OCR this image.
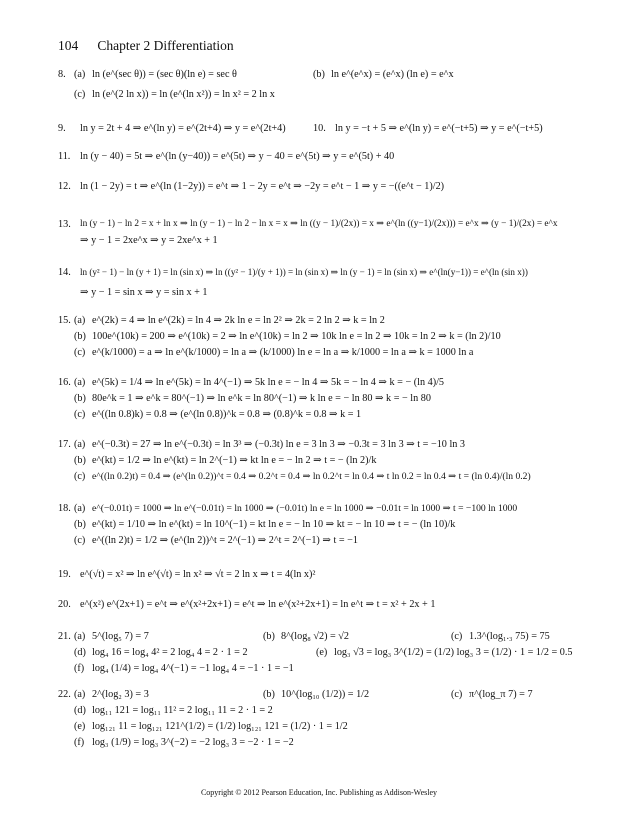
104 Chapter 2 Differentiation
8. (a) ln (e^(sec θ)) = (sec θ)(ln e) = sec θ	(b) ln e^(e^x) = (e^x) (ln e) = e^x
(c) ln (e^(2 ln x)) = ln (e^(ln x²)) = ln x² = 2 ln x
9. ln y = 2t + 4 ⇒ e^(ln y) = e^(2t+4) ⇒ y = e^(2t+4)	10. ln y = −t + 5 ⇒ e^(ln y) = e^(−t+5) ⇒ y = e^(−t+5)
11. ln (y − 40) = 5t ⇒ e^(ln (y−40)) = e^(5t) ⇒ y − 40 = e^(5t) ⇒ y = e^(5t) + 40
12. ln (1 − 2y) = t ⇒ e^(ln (1−2y)) = e^t ⇒ 1 − 2y = e^t ⇒ −2y = e^t − 1 ⇒ y = −((e^t − 1)/2)
13. ln (y − 1) − ln 2 = x + ln x ⇒ ln (y − 1) − ln 2 − ln x = x ⇒ ln ((y − 1)/(2x)) = x ⇒ e^(ln ((y−1)/(2x))) = e^x ⇒ (y − 1)/(2x) = e^x
⇒ y − 1 = 2xe^x ⇒ y = 2xe^x + 1
14. ln (y² − 1) − ln (y + 1) = ln (sin x) ⇒ ln ((y² − 1)/(y + 1)) = ln (sin x) ⇒ ln (y − 1) = ln (sin x) ⇒ e^(ln(y−1)) = e^(ln (sin x))
⇒ y − 1 = sin x ⇒ y = sin x + 1
15. (a) e^(2k) = 4 ⇒ ln e^(2k) = ln 4 ⇒ 2k ln e = ln 2² ⇒ 2k = 2 ln 2 ⇒ k = ln 2
(b) 100e^(10k) = 200 ⇒ e^(10k) = 2 ⇒ ln e^(10k) = ln 2 ⇒ 10k ln e = ln 2 ⇒ 10k = ln 2 ⇒ k = (ln 2)/10
(c) e^(k/1000) = a ⇒ ln e^(k/1000) = ln a ⇒ (k/1000) ln e = ln a ⇒ k/1000 = ln a ⇒ k = 1000 ln a
16. (a) e^(5k) = 1/4 ⇒ ln e^(5k) = ln 4^(−1) ⇒ 5k ln e = − ln 4 ⇒ 5k = − ln 4 ⇒ k = − (ln 4)/5
(b) 80e^k = 1 ⇒ e^k = 80^(−1) ⇒ ln e^k = ln 80^(−1) ⇒ k ln e = − ln 80 ⇒ k = − ln 80
(c) e^((ln 0.8)k) = 0.8 ⇒ (e^(ln 0.8))^k = 0.8 ⇒ (0.8)^k = 0.8 ⇒ k = 1
17. (a) e^(−0.3t) = 27 ⇒ ln e^(−0.3t) = ln 3³ ⇒ (−0.3t) ln e = 3 ln 3 ⇒ −0.3t = 3 ln 3 ⇒ t = −10 ln 3
(b) e^(kt) = 1/2 ⇒ ln e^(kt) = ln 2^(−1) ⇒ kt ln e = − ln 2 ⇒ t = − (ln 2)/k
(c) e^((ln 0.2)t) = 0.4 ⇒ (e^(ln 0.2))^t = 0.4 ⇒ 0.2^t = 0.4 ⇒ ln 0.2^t = ln 0.4 ⇒ t ln 0.2 = ln 0.4 ⇒ t = (ln 0.4)/(ln 0.2)
18. (a) e^(−0.01t) = 1000 ⇒ ln e^(−0.01t) = ln 1000 ⇒ (−0.01t) ln e = ln 1000 ⇒ −0.01t = ln 1000 ⇒ t = −100 ln 1000
(b) e^(kt) = 1/10 ⇒ ln e^(kt) = ln 10^(−1) = kt ln e = − ln 10 ⇒ kt = − ln 10 ⇒ t = − (ln 10)/k
(c) e^((ln 2)t) = 1/2 ⇒ (e^(ln 2))^t = 2^(−1) ⇒ 2^t = 2^(−1) ⇒ t = −1
19. e^(√t) = x² ⇒ ln e^(√t) = ln x² ⇒ √t = 2 ln x ⇒ t = 4(ln x)²
20. e^(x²) e^(2x+1) = e^t ⇒ e^(x²+2x+1) = e^t ⇒ ln e^(x²+2x+1) = ln e^t ⇒ t = x² + 2x + 1
21. (a) 5^(log₅ 7) = 7	(b) 8^(log₈ √2) = √2	(c) 1.3^(log₁.₃ 75) = 75
(d) log₄ 16 = log₄ 4² = 2 log₄ 4 = 2 · 1 = 2	(e) log₃ √3 = log₃ 3^(1/2) = (1/2) log₃ 3 = (1/2) · 1 = 1/2 = 0.5
(f) log₄ (1/4) = log₄ 4^(−1) = −1 log₄ 4 = −1 · 1 = −1
22. (a) 2^(log₂ 3) = 3	(b) 10^(log₁₀ (1/2)) = 1/2	(c) π^(log_π 7) = 7
(d) log₁₁ 121 = log₁₁ 11² = 2 log₁₁ 11 = 2 · 1 = 2
(e) log₁₂₁ 11 = log₁₂₁ 121^(1/2) = (1/2) log₁₂₁ 121 = (1/2) · 1 = 1/2
(f) log₃ (1/9) = log₃ 3^(−2) = −2 log₃ 3 = −2 · 1 = −2
Copyright © 2012 Pearson Education, Inc. Publishing as Addison-Wesley
